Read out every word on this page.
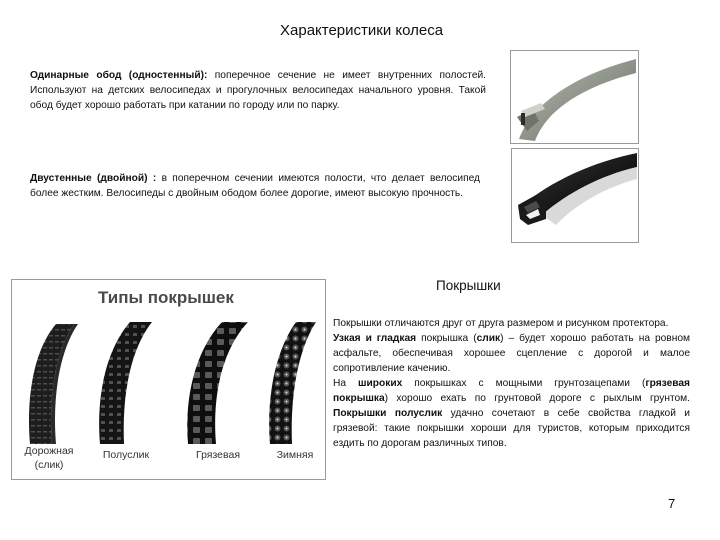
Характеристики колеса
Одинарные обод (одностенный): поперечное сечение не имеет внутренних полостей. Используют на детских велосипедах и прогулочных велосипедах начального уровня. Такой обод будет хорошо работать при катании по городу или по парку.
Двустенные (двойной) : в поперечном сечении имеются полости, что делает велосипед более жестким. Велосипеды с двойным ободом более дорогие, имеют высокую прочность.
Покрышки
Типы покрышек
Дорожная (слик)
Полуслик	Грязевая	Зимняя
Покрышки отличаются друг от друга размером и рисунком протектора.
Узкая и гладкая покрышка (слик) – будет хорошо работать на ровном асфальте, обеспечивая хорошее сцепление с дорогой и малое сопротивление качению.
На широких покрышках с мощными грунтозацепами (грязевая покрышка) хорошо ехать по грунтовой дороге с рыхлым грунтом. Покрышки полуслик удачно сочетают в себе свойства гладкой и грязевой: такие покрышки хороши для туристов, которым приходится ездить по дорогам различных типов.
7
